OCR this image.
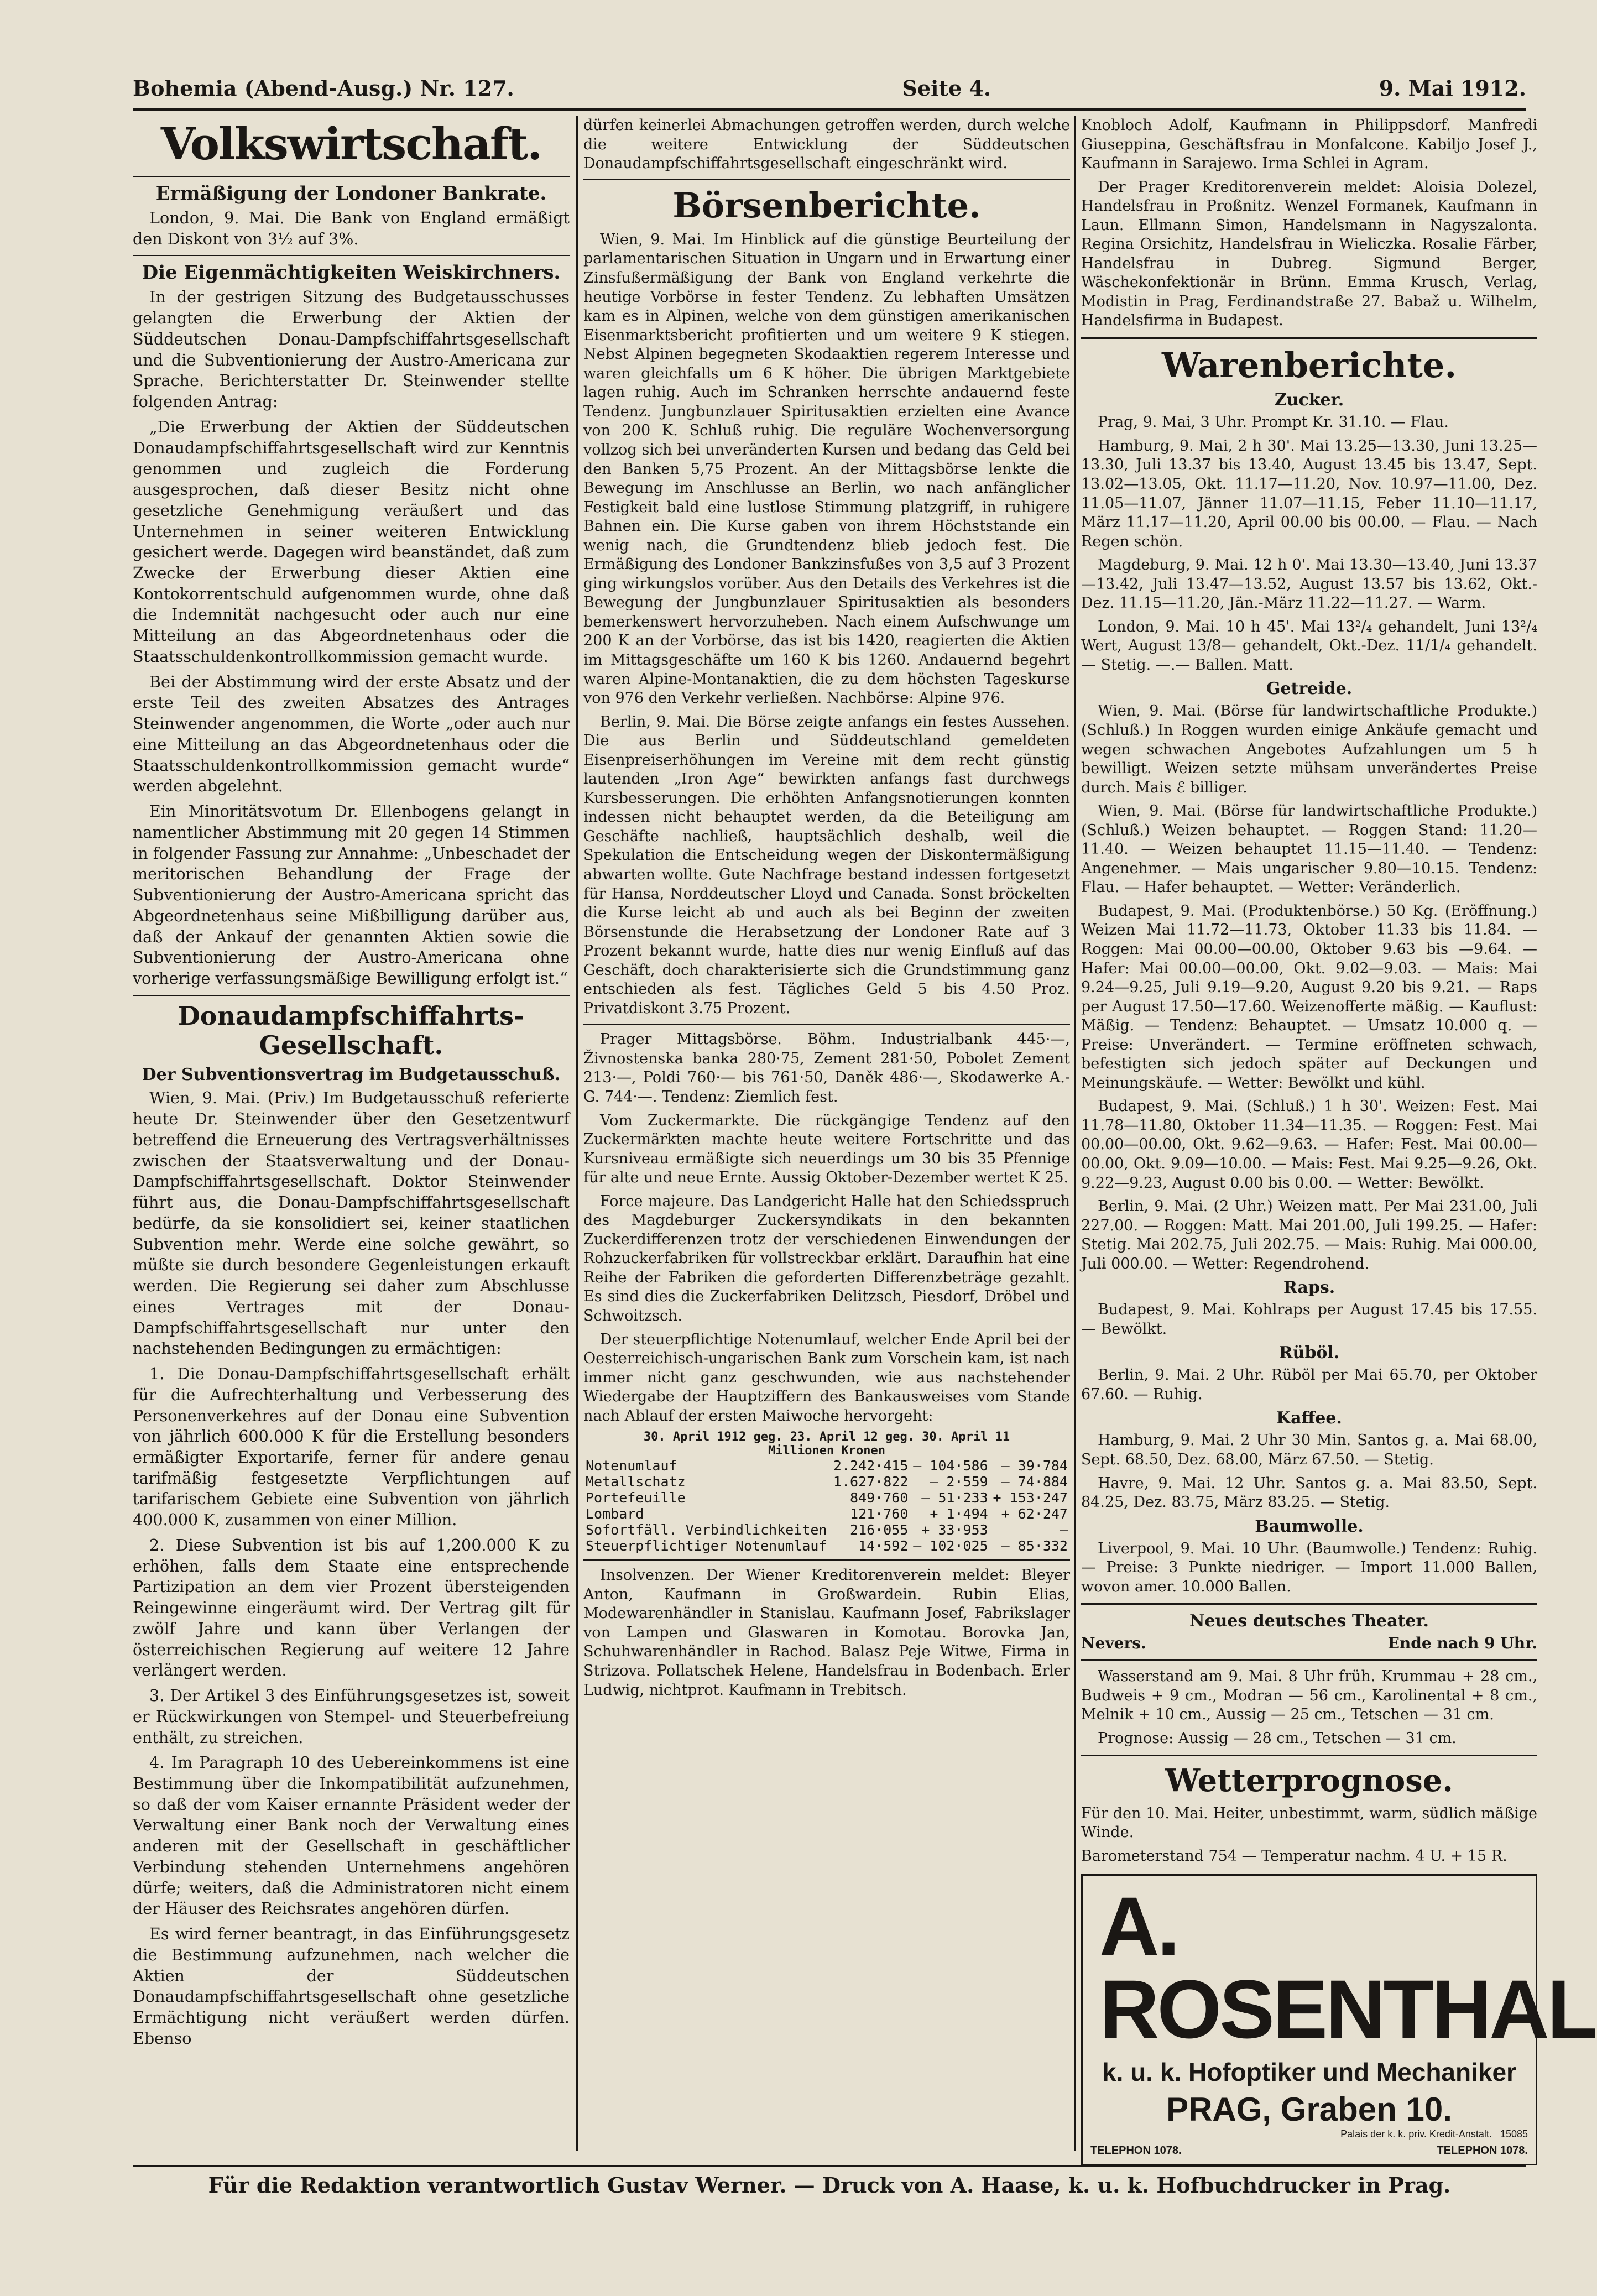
Bohemia (Abend-Ausg.) Nr. 127.	Seite 4.	9. Mai 1912.
Volkswirtschaft.
Ermäßigung der Londoner Bankrate.

London, 9. Mai. Die Bank von England ermäßigt den Diskont von 3½ auf 3%.

Die Eigenmächtigkeiten Weiskirchners.

In der gestrigen Sitzung des Budgetausschusses gelangten die Erwerbung der Aktien der Süddeutschen Donau-Dampfschiffahrtsgesellschaft und die Subventionierung der Austro-Americana zur Sprache. Berichterstatter Dr. Steinwender stellte folgenden Antrag:

„Die Erwerbung der Aktien der Süddeutschen Donaudampfschiffahrtsgesellschaft wird zur Kenntnis genommen und zugleich die Forderung ausgesprochen, daß dieser Besitz nicht ohne gesetzliche Genehmigung veräußert und das Unternehmen in seiner weiteren Entwicklung gesichert werde. Dagegen wird beanständet, daß zum Zwecke der Erwerbung dieser Aktien eine Kontokorrentschuld aufgenommen wurde, ohne daß die Indemnität nachgesucht oder auch nur eine Mitteilung an das Abgeordnetenhaus oder die Staatsschuldenkontrollkommission gemacht wurde.

Bei der Abstimmung wird der erste Absatz und der erste Teil des zweiten Absatzes des Antrages Steinwender angenommen, die Worte „oder auch nur eine Mitteilung an das Abgeordnetenhaus oder die Staatsschuldenkontrollkommission gemacht wurde“ werden abgelehnt.

Ein Minoritätsvotum Dr. Ellenbogens gelangt in namentlicher Abstimmung mit 20 gegen 14 Stimmen in folgender Fassung zur Annahme: „Unbeschadet der meritorischen Behandlung der Frage der Subventionierung der Austro-Americana spricht das Abgeordnetenhaus seine Mißbilligung darüber aus, daß der Ankauf der genannten Aktien sowie die Subventionierung der Austro-Americana ohne vorherige verfassungsmäßige Bewilligung erfolgt ist.“

Donaudampfschiffahrts-Gesellschaft.
Der Subventionsvertrag im Budgetausschuß.

Wien, 9. Mai. (Priv.) Im Budgetausschuß referierte heute Dr. Steinwender über den Gesetzentwurf betreffend die Erneuerung des Vertragsverhältnisses zwischen der Staatsverwaltung und der Donau-Dampfschiffahrtsgesellschaft. Doktor Steinwender führt aus, die Donau-Dampfschiffahrtsgesellschaft bedürfe, da sie konsolidiert sei, keiner staatlichen Subvention mehr. Werde eine solche gewährt, so müßte sie durch besondere Gegenleistungen erkauft werden. Die Regierung sei daher zum Abschlusse eines Vertrages mit der Donau-Dampfschiffahrtsgesellschaft nur unter den nachstehenden Bedingungen zu ermächtigen:

1. Die Donau-Dampfschiffahrtsgesellschaft erhält für die Aufrechterhaltung und Verbesserung des Personenverkehres auf der Donau eine Subvention von jährlich 600.000 K für die Erstellung besonders ermäßigter Exportarife, ferner für andere genau tarifmäßig festgesetzte Verpflichtungen auf tarifarischem Gebiete eine Subvention von jährlich 400.000 K, zusammen von einer Million.

2. Diese Subvention ist bis auf 1,200.000 K zu erhöhen, falls dem Staate eine entsprechende Partizipation an dem vier Prozent übersteigenden Reingewinne eingeräumt wird. Der Vertrag gilt für zwölf Jahre und kann über Verlangen der österreichischen Regierung auf weitere 12 Jahre verlängert werden.

3. Der Artikel 3 des Einführungsgesetzes ist, soweit er Rückwirkungen von Stempel- und Steuerbefreiung enthält, zu streichen.

4. Im Paragraph 10 des Uebereinkommens ist eine Bestimmung über die Inkompatibilität aufzunehmen, so daß der vom Kaiser ernannte Präsident weder der Verwaltung einer Bank noch der Verwaltung eines anderen mit der Gesellschaft in geschäftlicher Verbindung stehenden Unternehmens angehören dürfe; weiters, daß die Administratoren nicht einem der Häuser des Reichsrates angehören dürfen.

Es wird ferner beantragt, in das Einführungsgesetz die Bestimmung aufzunehmen, nach welcher die Aktien der Süddeutschen Donaudampfschiffahrtsgesellschaft ohne gesetzliche Ermächtigung nicht veräußert werden dürfen. Ebenso

dürfen keinerlei Abmachungen getroffen werden, durch welche die weitere Entwicklung der Süddeutschen Donaudampfschiffahrtsgesellschaft eingeschränkt wird.

Börsenberichte.

Wien, 9. Mai. Im Hinblick auf die günstige Beurteilung der parlamentarischen Situation in Ungarn und in Erwartung einer Zinsfußermäßigung der Bank von England verkehrte die heutige Vorbörse in fester Tendenz. Zu lebhaften Umsätzen kam es in Alpinen, welche von dem günstigen amerikanischen Eisenmarktsbericht profitierten und um weitere 9 K stiegen. Nebst Alpinen begegneten Skodaaktien regerem Interesse und waren gleichfalls um 6 K höher. Die übrigen Marktgebiete lagen ruhig. Auch im Schranken herrschte andauernd feste Tendenz. Jungbunzlauer Spiritusaktien erzielten eine Avance von 200 K. Schluß ruhig. Die reguläre Wochenversorgung vollzog sich bei unveränderten Kursen und bedang das Geld bei den Banken 5,75 Prozent. An der Mittagsbörse lenkte die Bewegung im Anschlusse an Berlin, wo nach anfänglicher Festigkeit bald eine lustlose Stimmung platzgriff, in ruhigere Bahnen ein. Die Kurse gaben von ihrem Höchststande ein wenig nach, die Grundtendenz blieb jedoch fest. Die Ermäßigung des Londoner Bankzinsfußes von 3,5 auf 3 Prozent ging wirkungslos vorüber. Aus den Details des Verkehres ist die Bewegung der Jungbunzlauer Spiritusaktien als besonders bemerkenswert hervorzuheben. Nach einem Aufschwunge um 200 K an der Vorbörse, das ist bis 1420, reagierten die Aktien im Mittagsgeschäfte um 160 K bis 1260. Andauernd begehrt waren Alpine-Montanaktien, die zu dem höchsten Tageskurse von 976 den Verkehr verließen. Nachbörse: Alpine 976.

Berlin, 9. Mai. Die Börse zeigte anfangs ein festes Aussehen. Die aus Berlin und Süddeutschland gemeldeten Eisenpreiserhöhungen im Vereine mit dem recht günstig lautenden „Iron Age“ bewirkten anfangs fast durchwegs Kursbesserungen. Die erhöhten Anfangsnotierungen konnten indessen nicht behauptet werden, da die Beteiligung am Geschäfte nachließ, hauptsächlich deshalb, weil die Spekulation die Entscheidung wegen der Diskontermäßigung abwarten wollte. Gute Nachfrage bestand indessen fortgesetzt für Hansa, Norddeutscher Lloyd und Canada. Sonst bröckelten die Kurse leicht ab und auch als bei Beginn der zweiten Börsenstunde die Herabsetzung der Londoner Rate auf 3 Prozent bekannt wurde, hatte dies nur wenig Einfluß auf das Geschäft, doch charakterisierte sich die Grundstimmung ganz entschieden als fest. Tägliches Geld 5 bis 4.50 Proz. Privatdiskont 3.75 Prozent.

Prager Mittagsbörse. Böhm. Industrialbank 445·—, Živnostenska banka 280·75, Zement 281·50, Pobolet Zement 213·—, Poldi 760·— bis 761·50, Daněk 486·—, Skodawerke A.-G. 744·—. Tendenz: Ziemlich fest.

Vom Zuckermarkte. Die rückgängige Tendenz auf den Zuckermärkten machte heute weitere Fortschritte und das Kursniveau ermäßigte sich neuerdings um 30 bis 35 Pfennige für alte und neue Ernte. Aussig Oktober-Dezember wertet K 25.

Force majeure. Das Landgericht Halle hat den Schiedsspruch des Magdeburger Zuckersyndikats in den bekannten Zuckerdifferenzen trotz der verschiedenen Einwendungen der Rohzuckerfabriken für vollstreckbar erklärt. Daraufhin hat eine Reihe der Fabriken die geforderten Differenzbeträge gezahlt. Es sind dies die Zuckerfabriken Delitzsch, Piesdorf, Dröbel und Schwoitzsch.

Der steuerpflichtige Notenumlauf, welcher Ende April bei der Oesterreichisch-ungarischen Bank zum Vorschein kam, ist nach immer nicht ganz geschwunden, wie aus nachstehender Wiedergabe der Hauptziffern des Bankausweises vom Stande nach Ablauf der ersten Maiwoche hervorgeht:

30. April 1912 geg. 23. April 12 geg. 30. April 11
Millionen Kronen
Notenumlauf	2.242·415	— 104·586	— 39·784
Metallschatz	1.627·822	— 2·559	— 74·884
Portefeuille	849·760	— 51·233	+ 153·247
Lombard	121·760	+ 1·494	+ 62·247
Sofortfäll. Verbindlichkeiten	216·055	+ 33·953	—
Steuerpflichtiger Notenumlauf	14·592	— 102·025	— 85·332

Insolvenzen. Der Wiener Kreditorenverein meldet: Bleyer Anton, Kaufmann in Großwardein. Rubin Elias, Modewarenhändler in Stanislau. Kaufmann Josef, Fabrikslager von Lampen und Glaswaren in Komotau. Borovka Jan, Schuhwarenhändler in Rachod. Balasz Peje Witwe, Firma in Strizova. Pollatschek Helene, Handelsfrau in Bodenbach. Erler Ludwig, nichtprot. Kaufmann in Trebitsch.

Knobloch Adolf, Kaufmann in Philippsdorf. Manfredi Giuseppina, Geschäftsfrau in Monfalcone. Kabiljo Josef J., Kaufmann in Sarajewo. Irma Schlei in Agram.

Der Prager Kreditorenverein meldet: Aloisia Dolezel, Handelsfrau in Proßnitz. Wenzel Formanek, Kaufmann in Laun. Ellmann Simon, Handelsmann in Nagyszalonta. Regina Orsichitz, Handelsfrau in Wieliczka. Rosalie Färber, Handelsfrau in Dubreg. Sigmund Berger, Wäschekonfektionär in Brünn. Emma Krusch, Verlag, Modistin in Prag, Ferdinandstraße 27. Babaž u. Wilhelm, Handelsfirma in Budapest.

Warenberichte.
Zucker.

Prag, 9. Mai, 3 Uhr. Prompt Kr. 31.10. — Flau.

Hamburg, 9. Mai, 2 h 30'. Mai 13.25—13.30, Juni 13.25—13.30, Juli 13.37 bis 13.40, August 13.45 bis 13.47, Sept. 13.02—13.05, Okt. 11.17—11.20, Nov. 10.97—11.00, Dez. 11.05—11.07, Jänner 11.07—11.15, Feber 11.10—11.17, März 11.17—11.20, April 00.00 bis 00.00. — Flau. — Nach Regen schön.

Magdeburg, 9. Mai. 12 h 0'. Mai 13.30—13.40, Juni 13.37—13.42, Juli 13.47—13.52, August 13.57 bis 13.62, Okt.-Dez. 11.15—11.20, Jän.-März 11.22—11.27. — Warm.

London, 9. Mai. 10 h 45'. Mai 13²/₄ gehandelt, Juni 13²/₄ Wert, August 13/8— gehandelt, Okt.-Dez. 11/1/₄ gehandelt. — Stetig. —.— Ballen. Matt.

Getreide.

Wien, 9. Mai. (Börse für landwirtschaftliche Produkte.) (Schluß.) In Roggen wurden einige Ankäufe gemacht und wegen schwachen Angebotes Aufzahlungen um 5 h bewilligt. Weizen setzte mühsam unverändertes Preise durch. Mais ℰ billiger.

Wien, 9. Mai. (Börse für landwirtschaftliche Produkte.) (Schluß.) Weizen behauptet. — Roggen Stand: 11.20—11.40. — Weizen behauptet 11.15—11.40. — Tendenz: Angenehmer. — Mais ungarischer 9.80—10.15. Tendenz: Flau. — Hafer behauptet. — Wetter: Veränderlich.

Budapest, 9. Mai. (Produktenbörse.) 50 Kg. (Eröffnung.) Weizen Mai 11.72—11.73, Oktober 11.33 bis 11.84. — Roggen: Mai 00.00—00.00, Oktober 9.63 bis —9.64. — Hafer: Mai 00.00—00.00, Okt. 9.02—9.03. — Mais: Mai 9.24—9.25, Juli 9.19—9.20, August 9.20 bis 9.21. — Raps per August 17.50—17.60. Weizenofferte mäßig. — Kauflust: Mäßig. — Tendenz: Behauptet. — Umsatz 10.000 q. — Preise: Unverändert. — Termine eröffneten schwach, befestigten sich jedoch später auf Deckungen und Meinungskäufe. — Wetter: Bewölkt und kühl.

Budapest, 9. Mai. (Schluß.) 1 h 30'. Weizen: Fest. Mai 11.78—11.80, Oktober 11.34—11.35. — Roggen: Fest. Mai 00.00—00.00, Okt. 9.62—9.63. — Hafer: Fest. Mai 00.00—00.00, Okt. 9.09—10.00. — Mais: Fest. Mai 9.25—9.26, Okt. 9.22—9.23, August 0.00 bis 0.00. — Wetter: Bewölkt.

Berlin, 9. Mai. (2 Uhr.) Weizen matt. Per Mai 231.00, Juli 227.00. — Roggen: Matt. Mai 201.00, Juli 199.25. — Hafer: Stetig. Mai 202.75, Juli 202.75. — Mais: Ruhig. Mai 000.00, Juli 000.00. — Wetter: Regendrohend.

Raps.

Budapest, 9. Mai. Kohlraps per August 17.45 bis 17.55. — Bewölkt.

Rüböl.

Berlin, 9. Mai. 2 Uhr. Rüböl per Mai 65.70, per Oktober 67.60. — Ruhig.

Kaffee.

Hamburg, 9. Mai. 2 Uhr 30 Min. Santos g. a. Mai 68.00, Sept. 68.50, Dez. 68.00, März 67.50. — Stetig.

Havre, 9. Mai. 12 Uhr. Santos g. a. Mai 83.50, Sept. 84.25, Dez. 83.75, März 83.25. — Stetig.

Baumwolle.

Liverpool, 9. Mai. 10 Uhr. (Baumwolle.) Tendenz: Ruhig. — Preise: 3 Punkte niedriger. — Import 11.000 Ballen, wovon amer. 10.000 Ballen.

Neues deutsches Theater.
Nevers.	Ende nach 9 Uhr.

Wasserstand am 9. Mai. 8 Uhr früh. Krummau + 28 cm., Budweis + 9 cm., Modran — 56 cm., Karolinental + 8 cm., Melnik + 10 cm., Aussig — 25 cm., Tetschen — 31 cm.

Prognose: Aussig — 28 cm., Tetschen — 31 cm.

Wetterprognose.

Für den 10. Mai. Heiter, unbestimmt, warm, südlich mäßige Winde.

Barometerstand 754 — Temperatur nachm. 4 U. + 15 R.

A. ROSENTHAL
k. u. k. Hofoptiker und Mechaniker
PRAG, Graben 10.
Palais der k. k. priv. Kredit-Anstalt. 15085
TELEPHON 1078.	TELEPHON 1078.
Für die Redaktion verantwortlich Gustav Werner. — Druck von A. Haase, k. u. k. Hofbuchdrucker in Prag.
